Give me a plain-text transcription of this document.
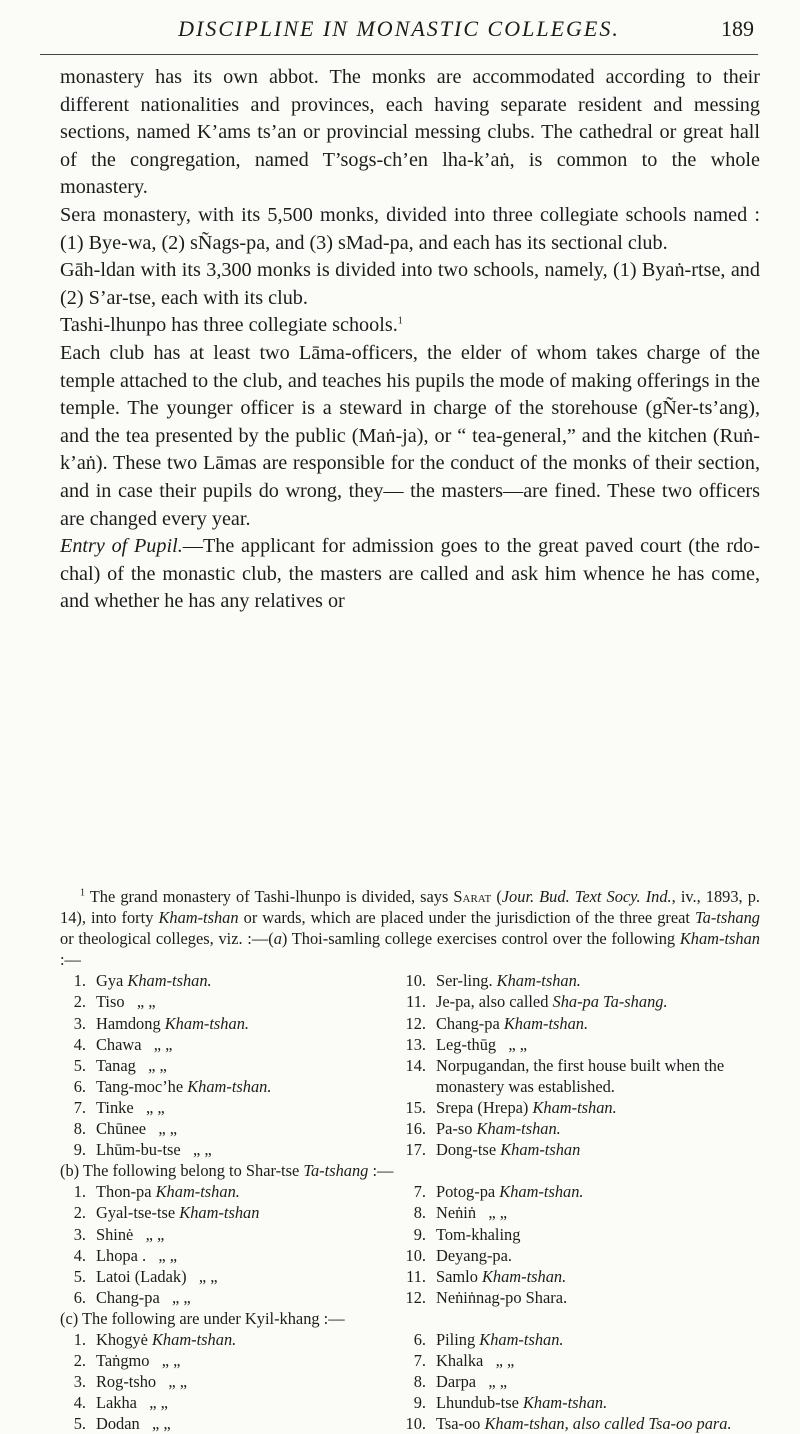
DISCIPLINE IN MONASTIC COLLEGES.	189

monastery has its own abbot. The monks are accommodated according to their different nationalities and provinces, each having separate resident and messing sections, named K’ams ts’an or provincial messing clubs. The cathedral or great hall of the congregation, named T’sogs-ch’en lha-k’aṅ, is common to the whole monastery.

Sera monastery, with its 5,500 monks, divided into three collegiate schools named : (1) Bye-wa, (2) sÑags-pa, and (3) sMad-pa, and each has its sectional club.

Gāh-ldan with its 3,300 monks is divided into two schools, namely, (1) Byaṅ-rtse, and (2) S’ar-tse, each with its club.

Tashi-lhunpo has three collegiate schools.$^1$

Each club has at least two Lāma-officers, the elder of whom takes charge of the temple attached to the club, and teaches his pupils the mode of making offerings in the temple. The younger officer is a steward in charge of the storehouse (gÑer-ts’ang), and the tea presented by the public (Maṅ-ja), or “ tea-general,” and the kitchen (Ruṅ-k’aṅ). These two Lāmas are responsible for the conduct of the monks of their section, and in case their pupils do wrong, they— the masters—are fined. These two officers are changed every year.

Entry of Pupil.—The applicant for admission goes to the great paved court (the rdo-chal) of the monastic club, the masters are called and ask him whence he has come, and whether he has any relatives or

$^1$ The grand monastery of Tashi-lhunpo is divided, says Sarat (Jour. Bud. Text Socy. Ind., iv., 1893, p. 14), into forty Kham-tshan or wards, which are placed under the jurisdiction of the three great Ta-tshang or theological colleges, viz. :—(a) Thoi-samling college exercises control over the following Kham-tshan :—

1. Gya Kham-tshan.
2. Tiso   „ „
3. Hamdong Kham-tshan.
4. Chawa   „ „
5. Tanag   „ „
6. Tang-moc’he Kham-tshan.
7. Tinke   „ „
8. Chūnee   „ „
9. Lhūm-bu-tse   „ „
10. Ser-ling. Kham-tshan.
11. Je-pa, also called Sha-pa Ta-shang.
12. Chang-pa Kham-tshan.
13. Leg-thūg   „ „
14. Norpugandan, the first house built when the monastery was established.
15. Srepa (Hrepa) Kham-tshan.
16. Pa-so Kham-tshan.
17. Dong-tse Kham-tshan

(b) The following belong to Shar-tse Ta-tshang :—

1. Thon-pa Kham-tshan.
2. Gyal-tse-tse Kham-tshan
3. Shinė   „ „
4. Lhopa .   „ „
5. Latoi (Ladak)   „ „
6. Chang-pa   „ „
7. Potog-pa Kham-tshan.
8. Neṅiṅ   „ „
9. Tom-khaling
10. Deyang-pa.
11. Samlo Kham-tshan.
12. Neṅiṅnag-po Shara.

(c) The following are under Kyil-khang :—

1. Khogyė Kham-tshan.
2. Taṅgmo   „ „
3. Rog-tsho   „ „
4. Lakha   „ „
5. Dodan   „ „
6. Piling Kham-tshan.
7. Khalka   „ „
8. Darpa   „ „
9. Lhundub-tse Kham-tshan.
10. Tsa-oo Kham-tshan, also called Tsa-oo para.
